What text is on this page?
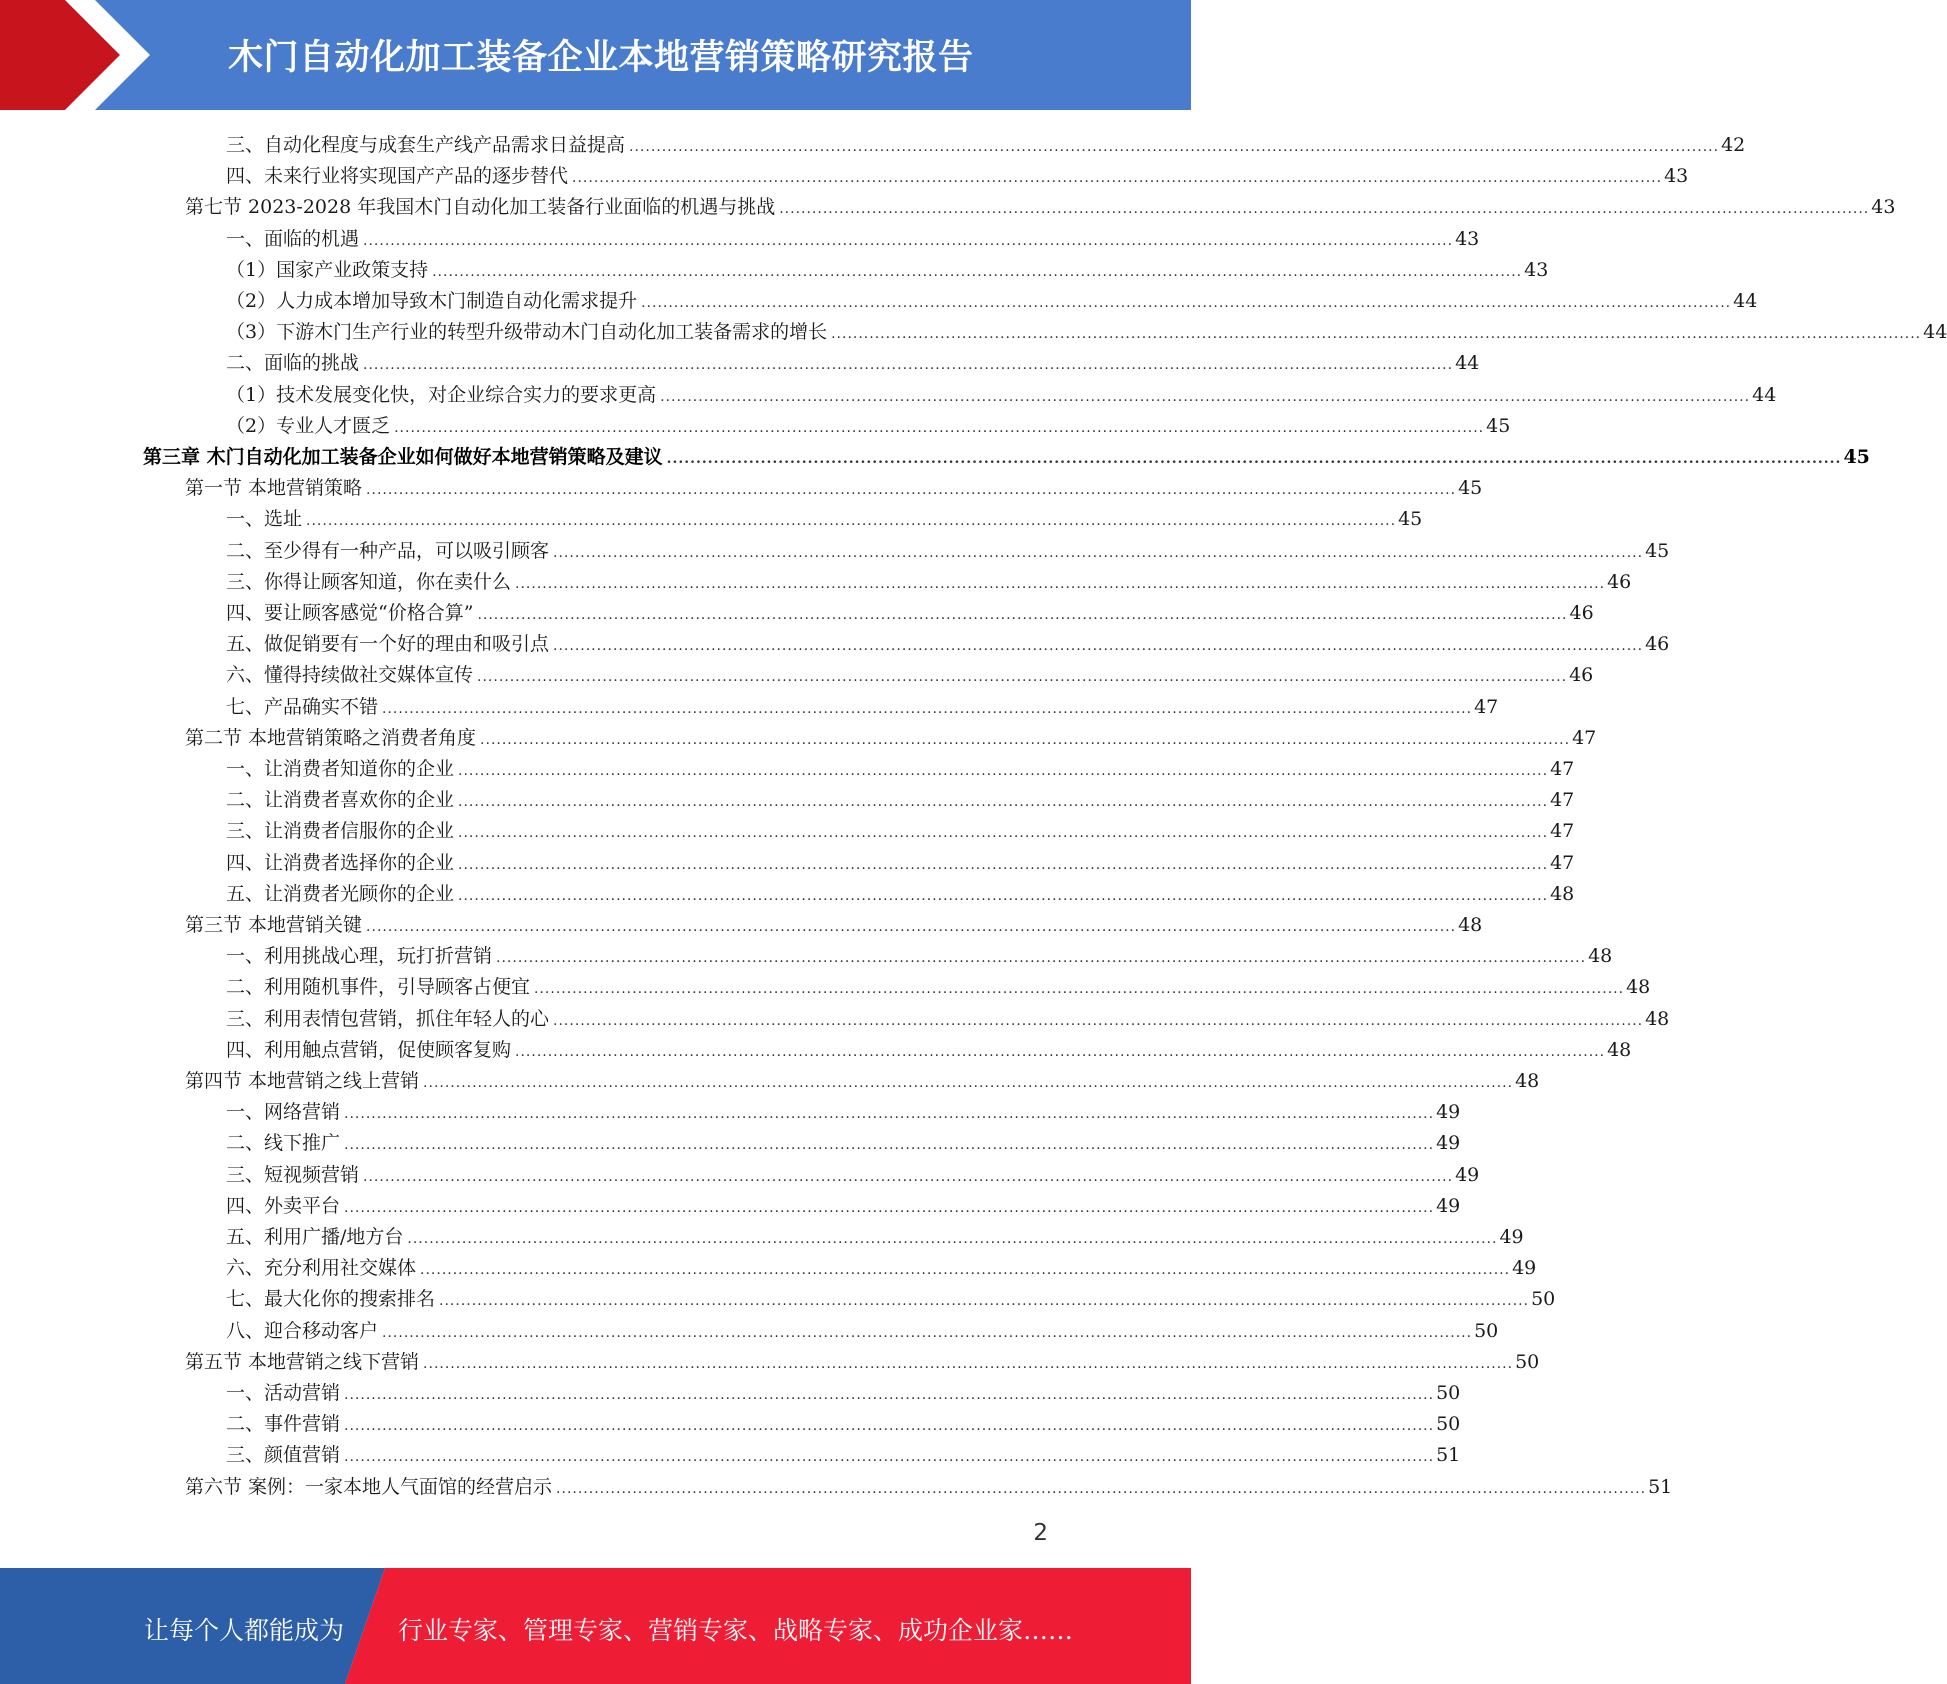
木门自动化加工装备企业本地营销策略研究报告
三、自动化程度与成套生产线产品需求日益提高 ........................................................................................................................................................................................................ 42
四、未来行业将实现国产产品的逐步替代 ........................................................................................................................................................................................................ 43
第七节 2023-2028 年我国木门自动化加工装备行业面临的机遇与挑战 ........................................................................................................................................................................................................ 43
一、面临的机遇 ........................................................................................................................................................................................................ 43
（1）国家产业政策支持 ........................................................................................................................................................................................................ 43
（2）人力成本增加导致木门制造自动化需求提升 ........................................................................................................................................................................................................ 44
（3）下游木门生产行业的转型升级带动木门自动化加工装备需求的增长 ........................................................................................................................................................................................................ 44
二、面临的挑战 ........................................................................................................................................................................................................ 44
（1）技术发展变化快，对企业综合实力的要求更高 ........................................................................................................................................................................................................ 44
（2）专业人才匮乏 ........................................................................................................................................................................................................ 45
第三章 木门自动化加工装备企业如何做好本地营销策略及建议 ........................................................................................................................................................................................................ 45
第一节 本地营销策略 ........................................................................................................................................................................................................ 45
一、选址 ........................................................................................................................................................................................................ 45
二、至少得有一种产品，可以吸引顾客 ........................................................................................................................................................................................................ 45
三、你得让顾客知道，你在卖什么 ........................................................................................................................................................................................................ 46
四、要让顾客感觉“价格合算” ........................................................................................................................................................................................................ 46
五、做促销要有一个好的理由和吸引点 ........................................................................................................................................................................................................ 46
六、懂得持续做社交媒体宣传 ........................................................................................................................................................................................................ 46
七、产品确实不错 ........................................................................................................................................................................................................ 47
第二节 本地营销策略之消费者角度 ........................................................................................................................................................................................................ 47
一、让消费者知道你的企业 ........................................................................................................................................................................................................ 47
二、让消费者喜欢你的企业 ........................................................................................................................................................................................................ 47
三、让消费者信服你的企业 ........................................................................................................................................................................................................ 47
四、让消费者选择你的企业 ........................................................................................................................................................................................................ 47
五、让消费者光顾你的企业 ........................................................................................................................................................................................................ 48
第三节 本地营销关键 ........................................................................................................................................................................................................ 48
一、利用挑战心理，玩打折营销 ........................................................................................................................................................................................................ 48
二、利用随机事件，引导顾客占便宜 ........................................................................................................................................................................................................ 48
三、利用表情包营销，抓住年轻人的心 ........................................................................................................................................................................................................ 48
四、利用触点营销，促使顾客复购 ........................................................................................................................................................................................................ 48
第四节 本地营销之线上营销 ........................................................................................................................................................................................................ 48
一、网络营销 ........................................................................................................................................................................................................ 49
二、线下推广 ........................................................................................................................................................................................................ 49
三、短视频营销 ........................................................................................................................................................................................................ 49
四、外卖平台 ........................................................................................................................................................................................................ 49
五、利用广播/地方台 ........................................................................................................................................................................................................ 49
六、充分利用社交媒体 ........................................................................................................................................................................................................ 49
七、最大化你的搜索排名 ........................................................................................................................................................................................................ 50
八、迎合移动客户 ........................................................................................................................................................................................................ 50
第五节 本地营销之线下营销 ........................................................................................................................................................................................................ 50
一、活动营销 ........................................................................................................................................................................................................ 50
二、事件营销 ........................................................................................................................................................................................................ 50
三、颜值营销 ........................................................................................................................................................................................................ 51
第六节 案例：一家本地人气面馆的经营启示 ........................................................................................................................................................................................................ 51
2
让每个人都能成为 行业专家、管理专家、营销专家、战略专家、成功企业家……
